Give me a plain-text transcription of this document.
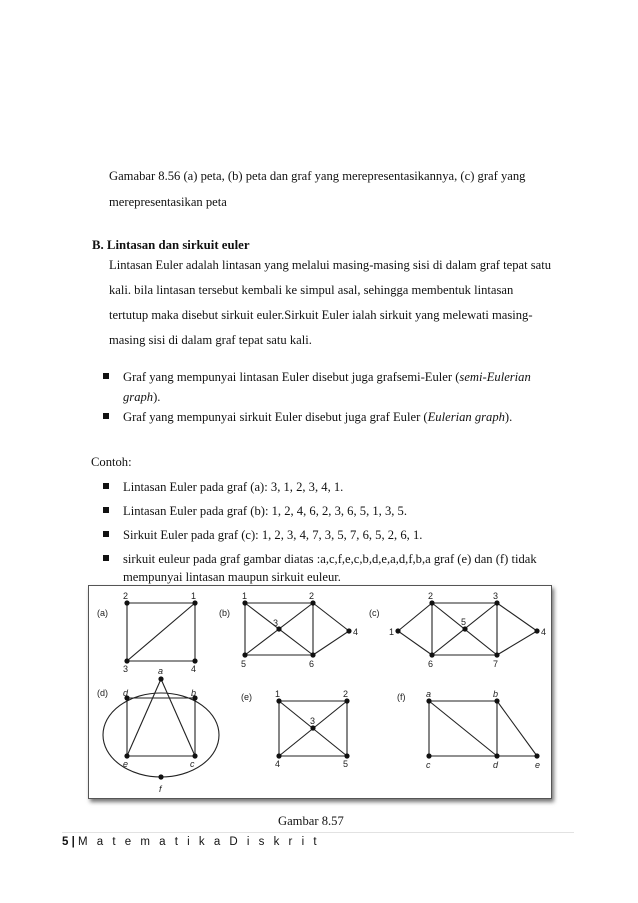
Gamabar 8.56 (a) peta, (b) peta dan graf yang merepresentasikannya, (c) graf yang
merepresentasikan peta
B. Lintasan dan sirkuit euler
Lintasan Euler adalah lintasan yang melalui masing-masing sisi di dalam graf tepat satu
kali. bila lintasan tersebut kembali ke simpul asal, sehingga membentuk lintasan
tertutup maka disebut sirkuit euler.Sirkuit Euler ialah sirkuit yang melewati masing-
masing sisi di dalam graf tepat satu kali.
Graf yang mempunyai lintasan Euler disebut juga grafsemi-Euler (semi-Eulerian
graph).
Graf yang mempunyai sirkuit Euler disebut juga graf Euler (Eulerian graph).
Contoh:
Lintasan Euler pada graf (a): 3, 1, 2, 3, 4, 1.
Lintasan Euler pada graf (b): 1, 2, 4, 6, 2, 3, 6, 5, 1, 3, 5.
Sirkuit Euler pada graf (c): 1, 2, 3, 4, 7, 3, 5, 7, 6, 5, 2, 6, 1.
sirkuit euleur pada graf gambar diatas :a,c,f,e,c,b,d,e,a,d,f,b,a graf (e) dan (f) tidak
mempunyai lintasan maupun sirkuit euleur.
(a)	(b)	(c)
(d)	(e)	(f)
2	1
3	4
1	2
3
4
5	6
1
2	3
4
5
6	7
a
b
c
d
e
f
1	2
3
4	5
a	b
c	d	e
Gambar 8.57
5 | M a t e m a t i k a D i s k r i t
